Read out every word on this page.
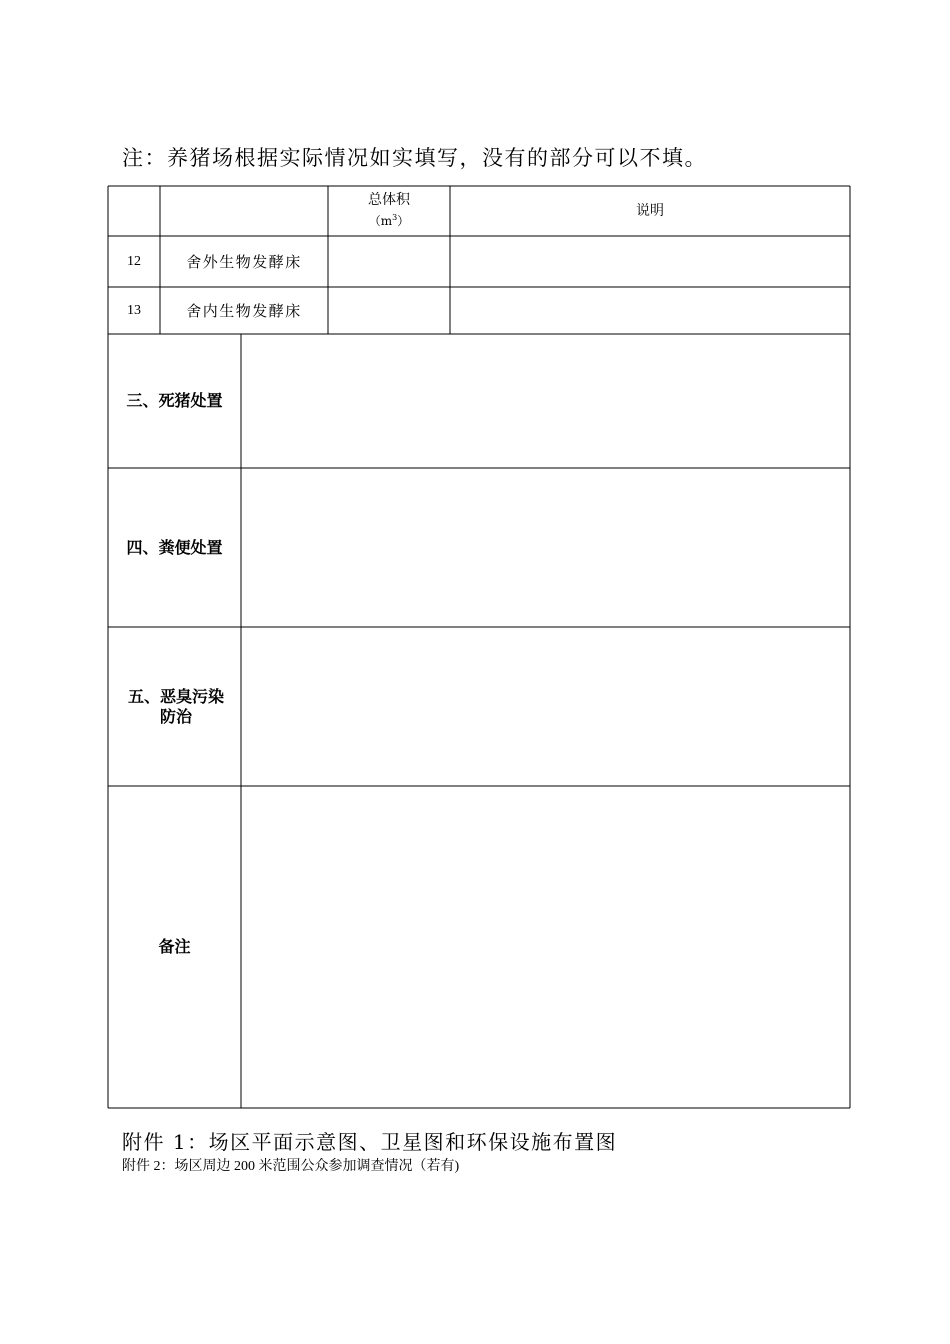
注：养猪场根据实际情况如实填写，没有的部分可以不填。
总体积
$(m^3)$
说明
12	舍外生物发酵床
13	舍内生物发酵床
三、死猪处置
四、粪便处置
五、恶臭污染防治
备注
附件 1：场区平面示意图、卫星图和环保设施布置图
附件 2：场区周边 200 米范围公众参加调查情况（若有)
